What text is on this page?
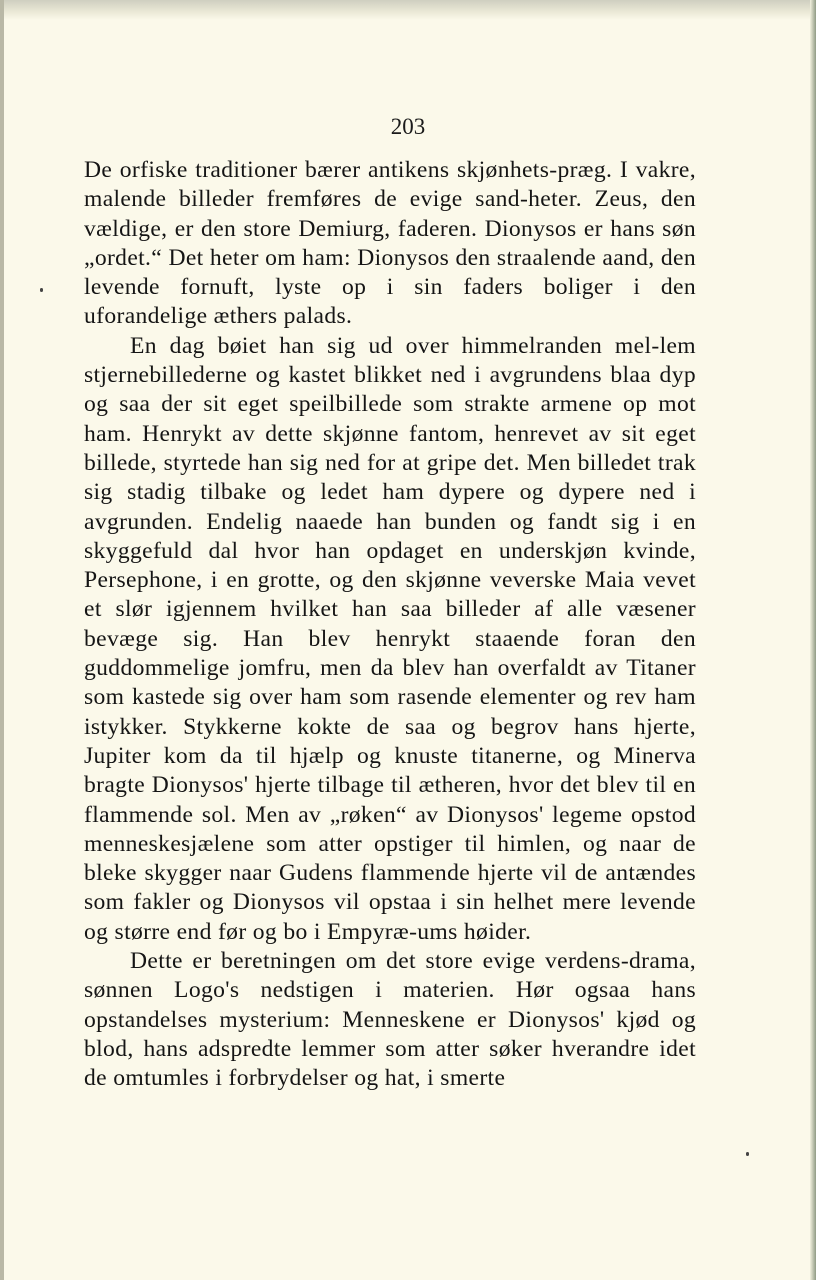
203

De orfiske traditioner bærer antikens skjønhets-præg. I vakre, malende billeder fremføres de evige sand-heter. Zeus, den vældige, er den store Demiurg, faderen. Dionysos er hans søn „ordet.“ Det heter om ham: Dionysos den straalende aand, den levende fornuft, lyste op i sin faders boliger i den uforandelige æthers palads.

En dag bøiet han sig ud over himmelranden mel-lem stjernebillederne og kastet blikket ned i avgrundens blaa dyp og saa der sit eget speilbillede som strakte armene op mot ham. Henrykt av dette skjønne fantom, henrevet av sit eget billede, styrtede han sig ned for at gripe det. Men billedet trak sig stadig tilbake og ledet ham dypere og dypere ned i avgrunden. Endelig naaede han bunden og fandt sig i en skyggefuld dal hvor han opdaget en underskjøn kvinde, Persephone, i en grotte, og den skjønne veverske Maia vevet et slør igjennem hvilket han saa billeder af alle væsener bevæge sig. Han blev henrykt staaende foran den guddommelige jomfru, men da blev han overfaldt av Titaner som kastede sig over ham som rasende elementer og rev ham istykker. Stykkerne kokte de saa og begrov hans hjerte, Jupiter kom da til hjælp og knuste titanerne, og Minerva bragte Dionysos' hjerte tilbage til ætheren, hvor det blev til en flammende sol. Men av „røken“ av Dionysos' legeme opstod menneskesjælene som atter opstiger til himlen, og naar de bleke skygger naar Gudens flammende hjerte vil de antændes som fakler og Dionysos vil opstaa i sin helhet mere levende og større end før og bo i Empyræ-ums høider.

Dette er beretningen om det store evige verdens-drama, sønnen Logo's nedstigen i materien. Hør ogsaa hans opstandelses mysterium: Menneskene er Dionysos' kjød og blod, hans adspredte lemmer som atter søker hverandre idet de omtumles i forbrydelser og hat, i smerte
